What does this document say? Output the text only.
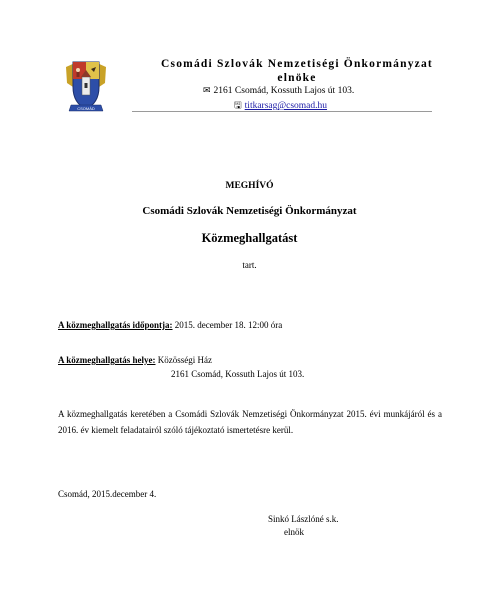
CSOMÁD
Csomádi Szlovák Nemzetiségi Önkormányzat
elnöke
✉ 2161 Csomád, Kossuth Lajos út 103.
🖫 titkarsag@csomad.hu
MEGHÍVÓ
Csomádi Szlovák Nemzetiségi Önkormányzat
Közmeghallgatást
tart.
A közmeghallgatás időpontja: 2015. december 18. 12:00 óra
A közmeghallgatás helye: Közösségi Ház
2161 Csomád, Kossuth Lajos út 103.
A közmeghallgatás keretében a Csomádi Szlovák Nemzetiségi Önkormányzat 2015. évi munkájáról és a 2016. év kiemelt feladatairól szóló tájékoztató ismertetésre kerül.
Csomád, 2015.december 4.
Sinkó Lászlóné s.k.
elnök
